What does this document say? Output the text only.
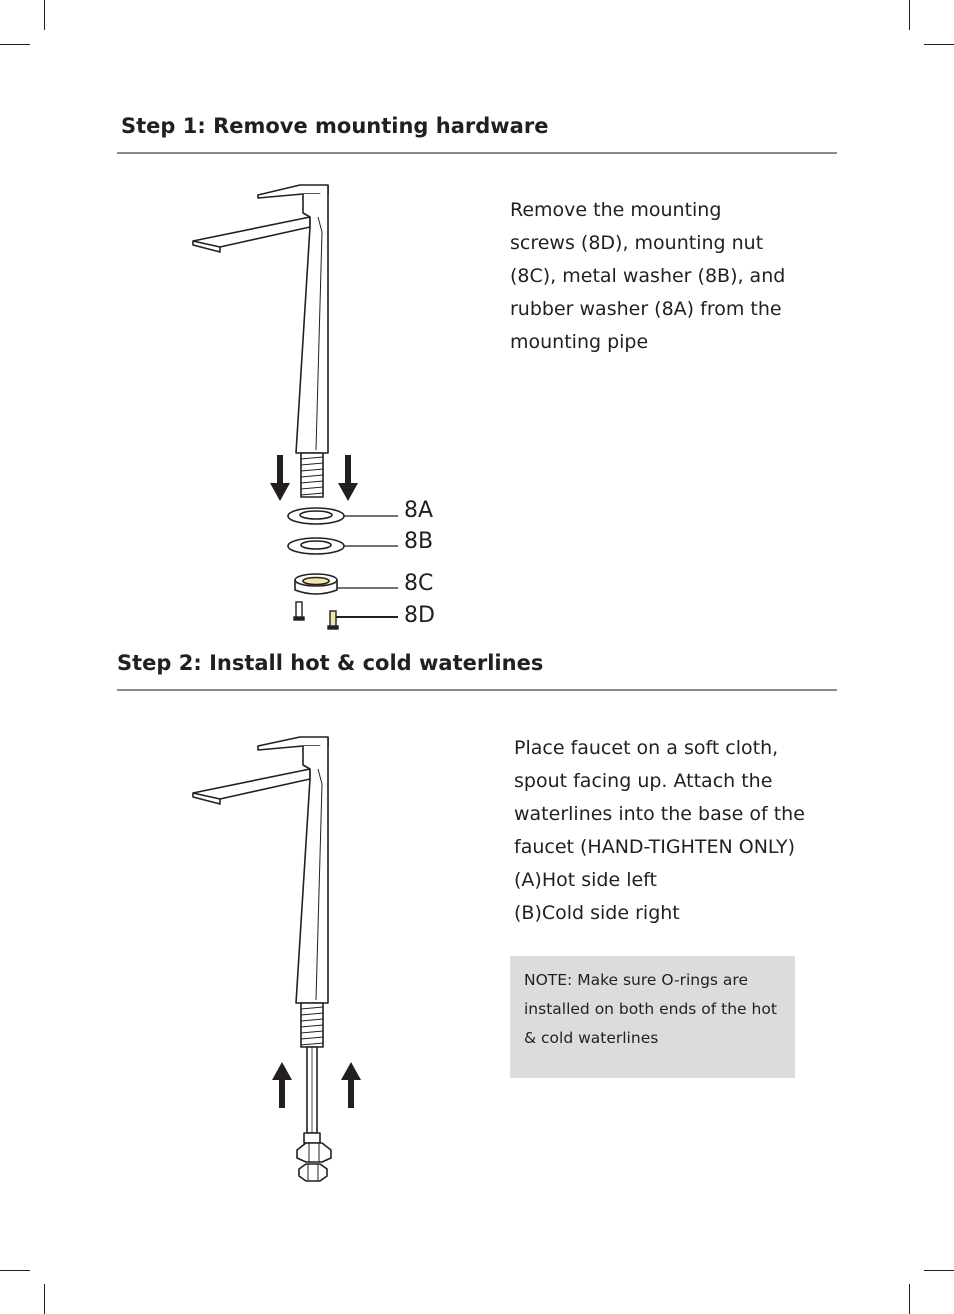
Step 1: Remove mounting hardware
Remove the mounting
screws (8D), mounting nut
(8C), metal washer (8B), and
rubber washer (8A) from the
mounting pipe
8A
8B
8C
8D
Step 2: Install hot & cold waterlines
Place faucet on a soft cloth,
spout facing up. Attach the
waterlines into the base of the
faucet (HAND-TIGHTEN ONLY)
(A)Hot side left
(B)Cold side right
NOTE: Make sure O-rings are
installed on both ends of the hot
& cold waterlines
